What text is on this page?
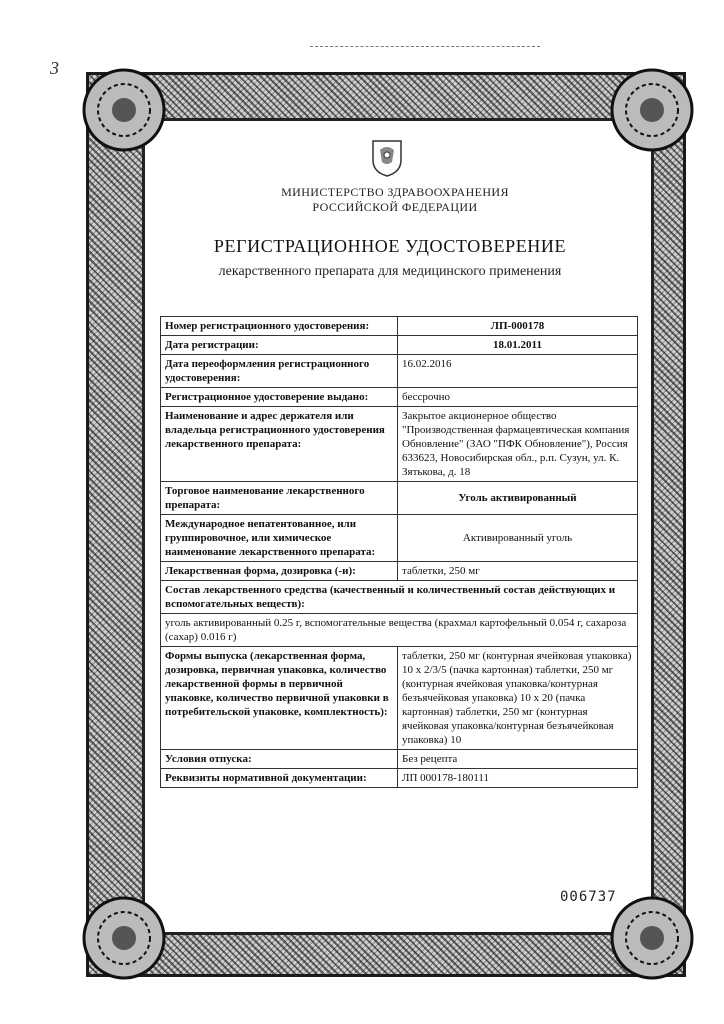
3
МИНИСТЕРСТВО ЗДРАВООХРАНЕНИЯ
РОССИЙСКОЙ ФЕДЕРАЦИИ
РЕГИСТРАЦИОННОЕ УДОСТОВЕРЕНИЕ
лекарственного препарата для медицинского применения
Номер регистрационного удостоверения:	ЛП-000178
Дата регистрации:	18.01.2011
Дата переоформления регистрационного удостоверения:	16.02.2016
Регистрационное удостоверение выдано:	бессрочно
Наименование и адрес держателя или владельца регистрационного удостоверения лекарственного препарата:	Закрытое акционерное общество "Производственная фармацевтическая компания Обновление" (ЗАО "ПФК Обновление"), Россия 633623, Новосибирская обл., р.п. Сузун, ул. К. Зятькова, д. 18
Торговое наименование лекарственного препарата:	Уголь активированный
Международное непатентованное, или группировочное, или химическое наименование лекарственного препарата:	Активированный уголь
Лекарственная форма, дозировка (-и):	таблетки, 250 мг
Состав лекарственного средства (качественный и количественный состав действующих и вспомогательных веществ):	
уголь активированный 0.25 г, вспомогательные вещества (крахмал картофельный 0.054 г, сахароза (сахар) 0.016 г)	
Формы выпуска (лекарственная форма, дозировка, первичная упаковка, количество лекарственной формы в первичной упаковке, количество первичной упаковки в потребительской упаковке, комплектность):	таблетки, 250 мг (контурная ячейковая упаковка) 10 х 2/3/5 (пачка картонная) таблетки, 250 мг (контурная ячейковая упаковка/контурная безъячейковая упаковка) 10 х 20 (пачка картонная) таблетки, 250 мг (контурная ячейковая упаковка/контурная безъячейковая упаковка) 10
Условия отпуска:	Без рецепта
Реквизиты нормативной документации:	ЛП 000178-180111
006737
